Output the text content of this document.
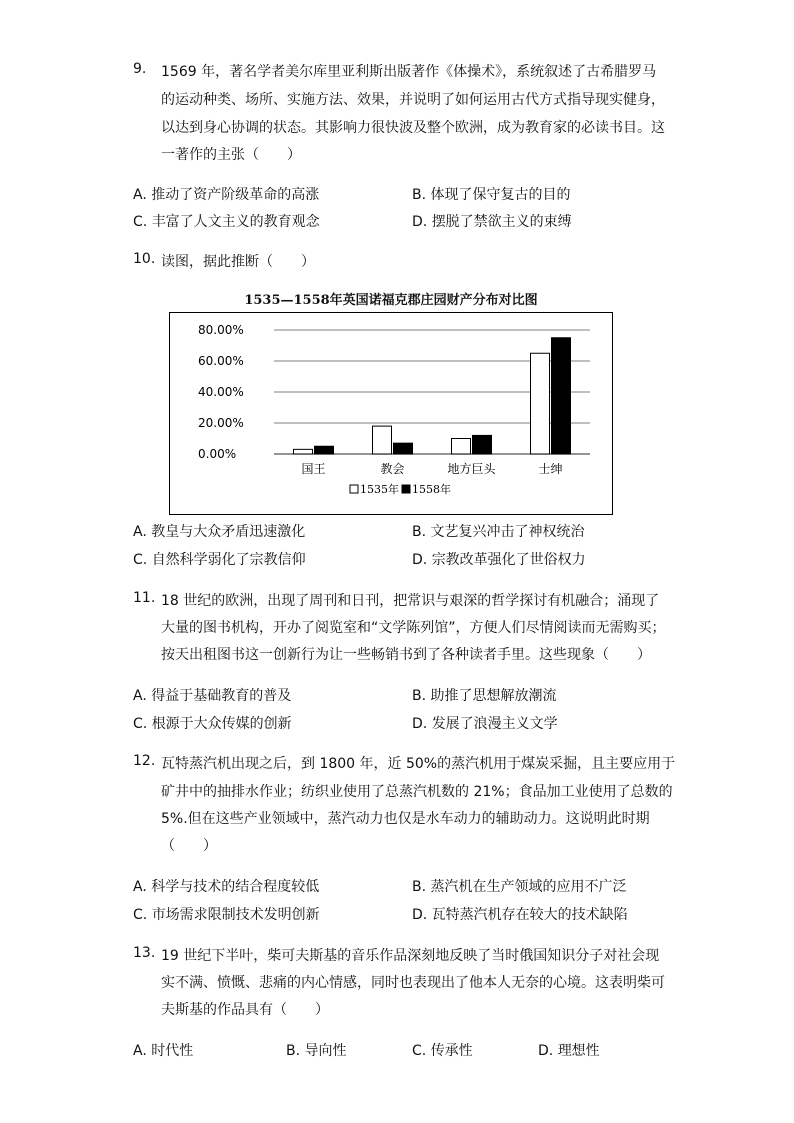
9. 1569 年，著名学者美尔库里亚利斯出版著作《体操术》，系统叙述了古希腊罗马
的运动种类、场所、实施方法、效果，并说明了如何运用古代方式指导现实健身，
以达到身心协调的状态。其影响力很快波及整个欧洲，成为教育家的必读书目。这
一著作的主张（　　）
A. 推动了资产阶级革命的高涨	B. 体现了保守复古的目的
C. 丰富了人文主义的教育观念	D. 摆脱了禁欲主义的束缚
10. 读图，据此推断（　　）
1535—1558年英国诺福克郡庄园财产分布对比图
0.00%
20.00%
40.00%
60.00%
80.00%
国王	教会	地方巨头	士绅
1535年 1558年
A. 教皇与大众矛盾迅速激化	B. 文艺复兴冲击了神权统治
C. 自然科学弱化了宗教信仰	D. 宗教改革强化了世俗权力
11. 18 世纪的欧洲，出现了周刊和日刊，把常识与艰深的哲学探讨有机融合；涌现了
大量的图书机构，开办了阅览室和“文学陈列馆”，方便人们尽情阅读而无需购买；
按天出租图书这一创新行为让一些畅销书到了各种读者手里。这些现象（　　）
A. 得益于基础教育的普及	B. 助推了思想解放潮流
C. 根源于大众传媒的创新	D. 发展了浪漫主义文学
12. 瓦特蒸汽机出现之后，到 1800 年，近 50%的蒸汽机用于煤炭采掘，且主要应用于
矿井中的抽排水作业；纺织业使用了总蒸汽机数的 21%；食品加工业使用了总数的
5%.但在这些产业领域中，蒸汽动力也仅是水车动力的辅助动力。这说明此时期
（　　）
A. 科学与技术的结合程度较低	B. 蒸汽机在生产领域的应用不广泛
C. 市场需求限制技术发明创新	D. 瓦特蒸汽机存在较大的技术缺陷
13. 19 世纪下半叶，柴可夫斯基的音乐作品深刻地反映了当时俄国知识分子对社会现
实不满、愤慨、悲痛的内心情感，同时也表现出了他本人无奈的心境。这表明柴可
夫斯基的作品具有（　　）
A. 时代性	B. 导向性	C. 传承性	D. 理想性
